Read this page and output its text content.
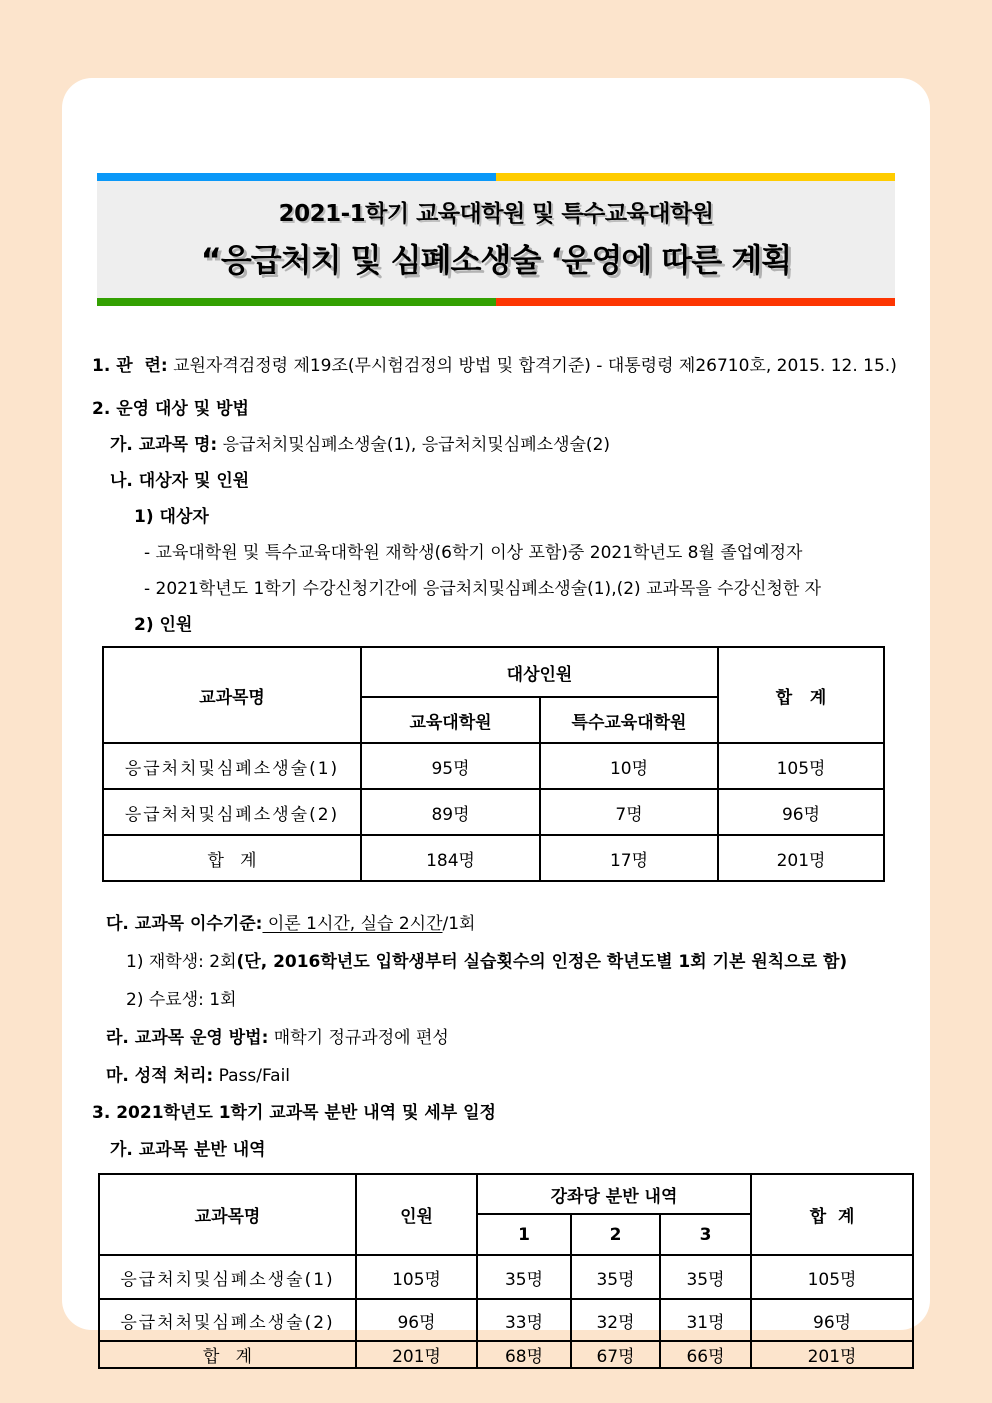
2021-1학기 교육대학원 및 특수교육대학원
“응급처치 및 심폐소생술 ‘운영에 따른 계획

1. 관  련: 교원자격검정령 제19조(무시험검정의 방법 및 합격기준) - 대통령령 제26710호, 2015. 12. 15.)

2. 운영 대상 및 방법

가. 교과목 명: 응급처치및심폐소생술(1), 응급처치및심폐소생술(2)

나. 대상자 및 인원

1) 대상자

- 교육대학원 및 특수교육대학원 재학생(6학기 이상 포함)중 2021학년도 8월 졸업예정자

- 2021학년도 1학기 수강신청기간에 응급처치및심폐소생술(1),(2) 교과목을 수강신청한 자

2) 인원

교과목명	대상인원		합   계
	교육대학원	특수교육대학원	
응급처치및심폐소생술(1)	95명	10명	105명
응급처처및심폐소생술(2)	89명	7명	96명
합   계	184명	17명	201명

다. 교과목 이수기준: 이론 1시간, 실습 2시간/1회

1) 재학생: 2회(단, 2016학년도 입학생부터 실습횟수의 인정은 학년도별 1회 기본 원칙으로 함)

2) 수료생: 1회

라. 교과목 운영 방법: 매학기 정규과정에 편성

마. 성적 처리: Pass/Fail

3. 2021학년도 1학기 교과목 분반 내역 및 세부 일정

가. 교과목 분반 내역

교과목명	인원	강좌당 분반 내역			합  계
		1	2	3	
응급처치및심폐소생술(1)	105명	35명	35명	35명	105명
응급처처및심폐소생술(2)	96명	33명	32명	31명	96명
합   계	201명	68명	67명	66명	201명
